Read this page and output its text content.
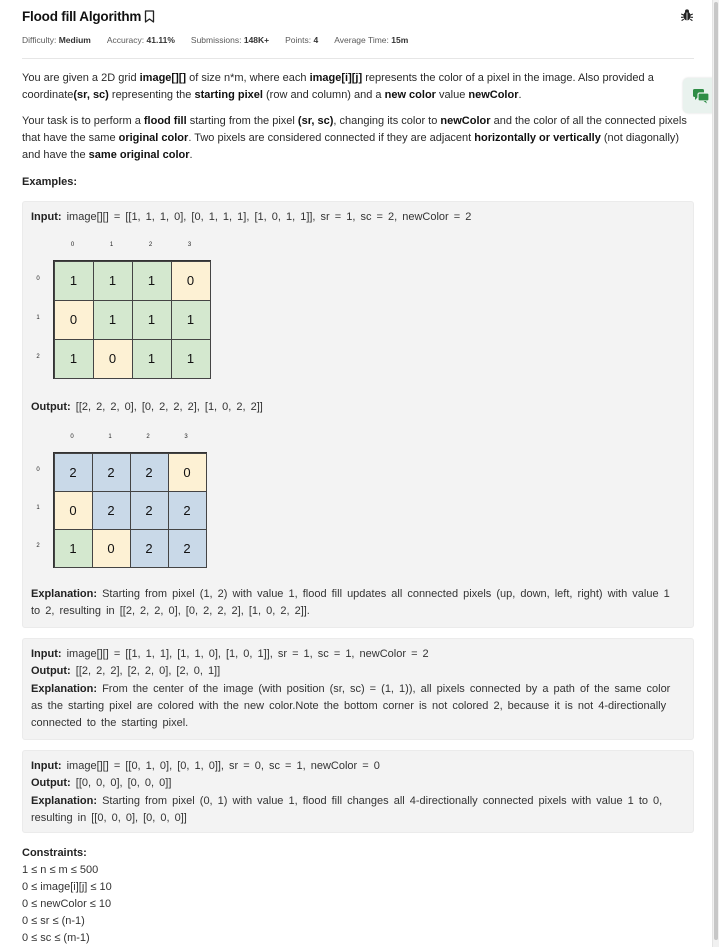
Flood fill Algorithm
Difficulty: Medium Accuracy: 41.11% Submissions: 148K+ Points: 4 Average Time: 15m
You are given a 2D grid image[][] of size n*m, where each image[i][j] represents the color of a pixel in the image. Also provided a coordinate(sr, sc) representing the starting pixel (row and column) and a new color value newColor.
Your task is to perform a flood fill starting from the pixel (sr, sc), changing its color to newColor and the color of all the connected pixels that have the same original color. Two pixels are considered connected if they are adjacent horizontally or vertically (not diagonally) and have the same original color.
Examples:
Input: image[][] = [[1, 1, 1, 0], [0, 1, 1, 1], [1, 0, 1, 1]], sr = 1, sc = 2, newColor = 2
0	1	2	3
0
1
2
1	1	1	0
0	1	1	1
1	0	1	1
Output: [[2, 2, 2, 0], [0, 2, 2, 2], [1, 0, 2, 2]]
0	1	2	3
0
1
2
2	2	2	0
0	2	2	2
1	0	2	2
Explanation: Starting from pixel (1, 2) with value 1, flood fill updates all connected pixels (up, down, left, right) with value 1 to 2, resulting in [[2, 2, 2, 0], [0, 2, 2, 2], [1, 0, 2, 2]].
Input: image[][] = [[1, 1, 1], [1, 1, 0], [1, 0, 1]], sr = 1, sc = 1, newColor = 2
Output: [[2, 2, 2], [2, 2, 0], [2, 0, 1]]
Explanation: From the center of the image (with position (sr, sc) = (1, 1)), all pixels connected by a path of the same color as the starting pixel are colored with the new color.Note the bottom corner is not colored 2, because it is not 4-directionally connected to the starting pixel.
Input: image[][] = [[0, 1, 0], [0, 1, 0]], sr = 0, sc = 1, newColor = 0
Output: [[0, 0, 0], [0, 0, 0]]
Explanation: Starting from pixel (0, 1) with value 1, flood fill changes all 4-directionally connected pixels with value 1 to 0, resulting in [[0, 0, 0], [0, 0, 0]]
Constraints:
1 ≤ n ≤ m ≤ 500
0 ≤ image[i][j] ≤ 10
0 ≤ newColor ≤ 10
0 ≤ sr ≤ (n-1)
0 ≤ sc ≤ (m-1)
